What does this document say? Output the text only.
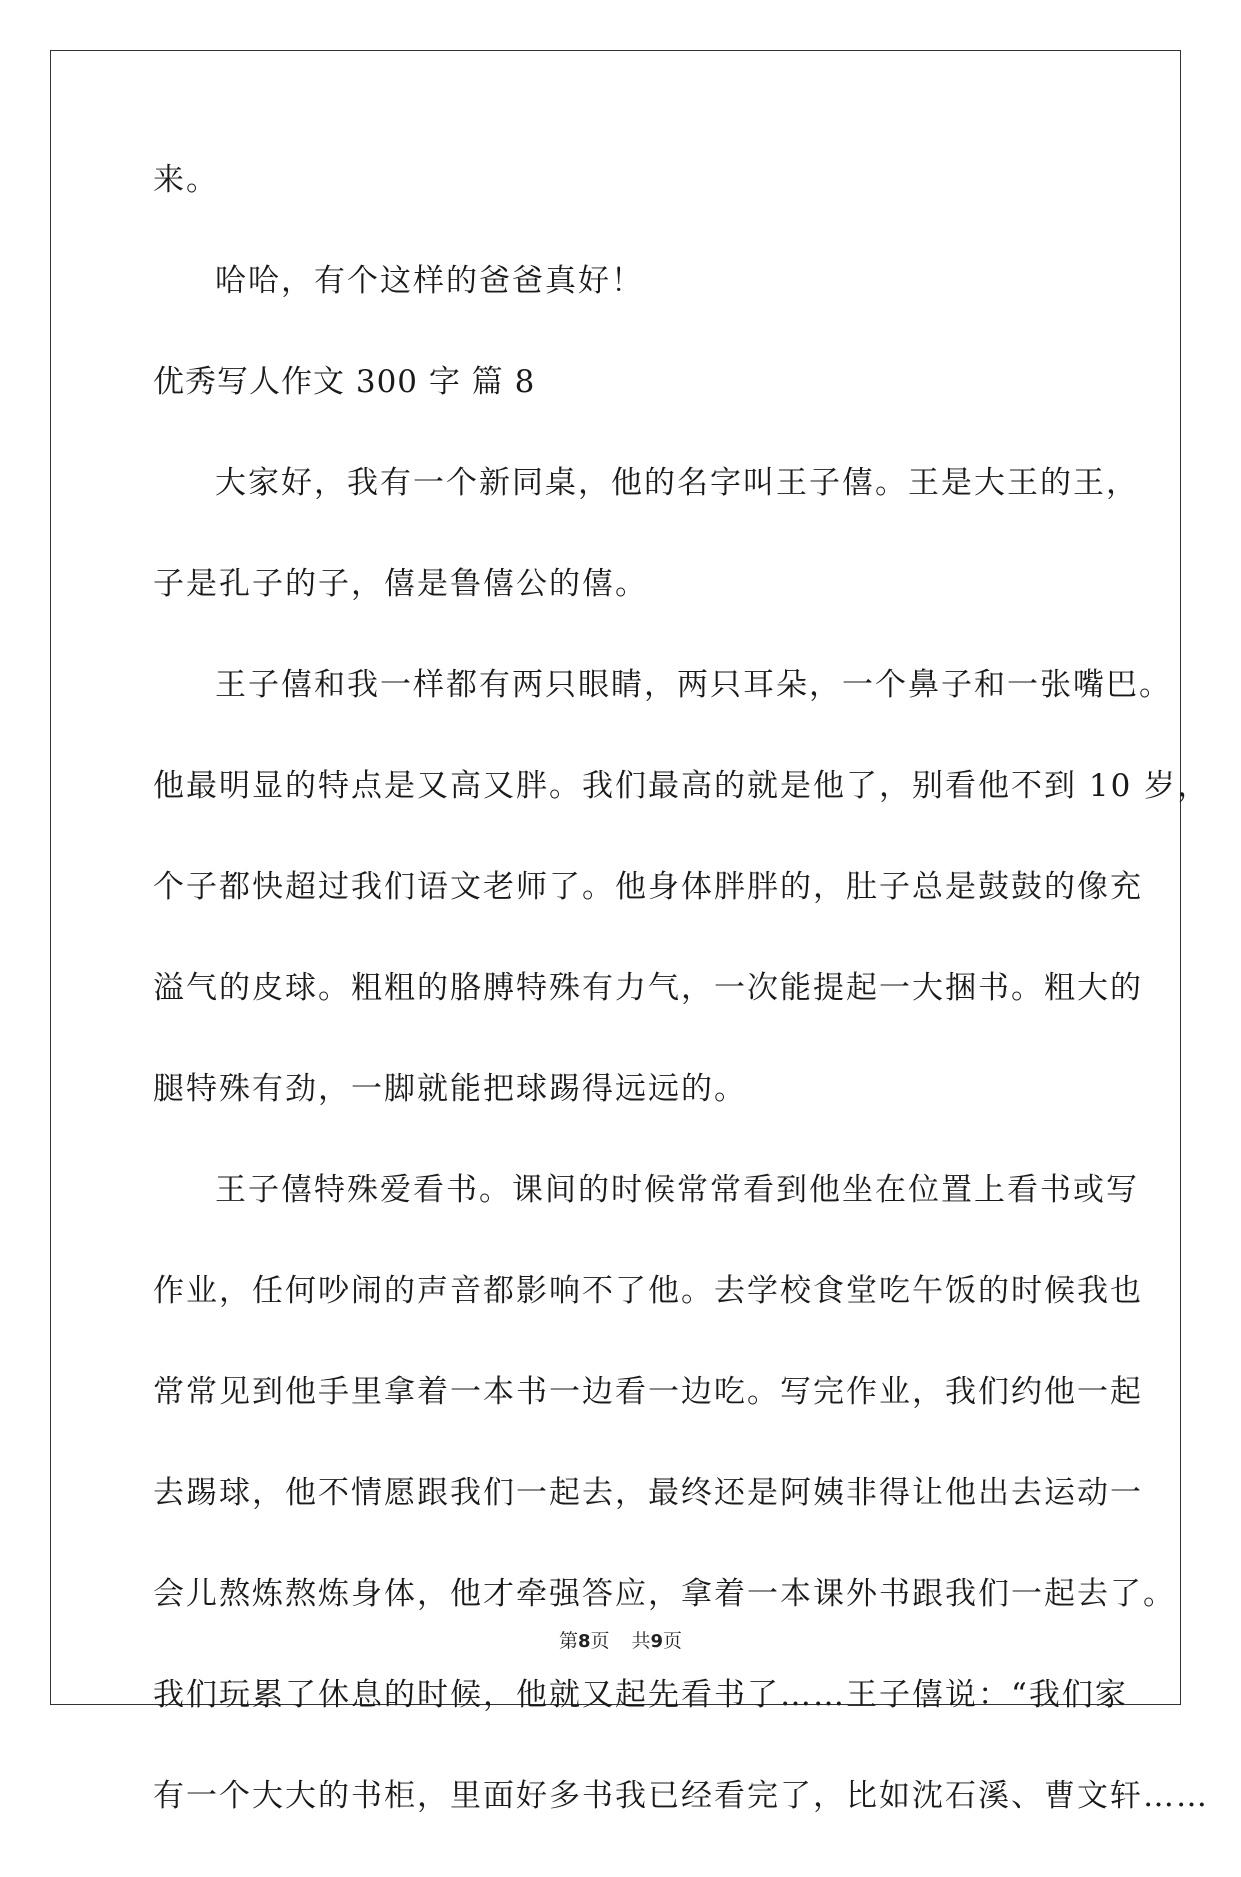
来。
哈哈，有个这样的爸爸真好！
优秀写人作文 300 字 篇 8
大家好，我有一个新同桌，他的名字叫王子僖。王是大王的王，
子是孔子的子，僖是鲁僖公的僖。
王子僖和我一样都有两只眼睛，两只耳朵，一个鼻子和一张嘴巴。
他最明显的特点是又高又胖。我们最高的就是他了，别看他不到 10 岁，
个子都快超过我们语文老师了。他身体胖胖的，肚子总是鼓鼓的像充
溢气的皮球。粗粗的胳膊特殊有力气，一次能提起一大捆书。粗大的
腿特殊有劲，一脚就能把球踢得远远的。
王子僖特殊爱看书。课间的时候常常看到他坐在位置上看书或写
作业，任何吵闹的声音都影响不了他。去学校食堂吃午饭的时候我也
常常见到他手里拿着一本书一边看一边吃。写完作业，我们约他一起
去踢球，他不情愿跟我们一起去，最终还是阿姨非得让他出去运动一
会儿熬炼熬炼身体，他才牵强答应，拿着一本课外书跟我们一起去了。
我们玩累了休息的时候，他就又起先看书了……王子僖说：“我们家
有一个大大的书柜，里面好多书我已经看完了，比如沈石溪、曹文轩……
第8页 共9页
